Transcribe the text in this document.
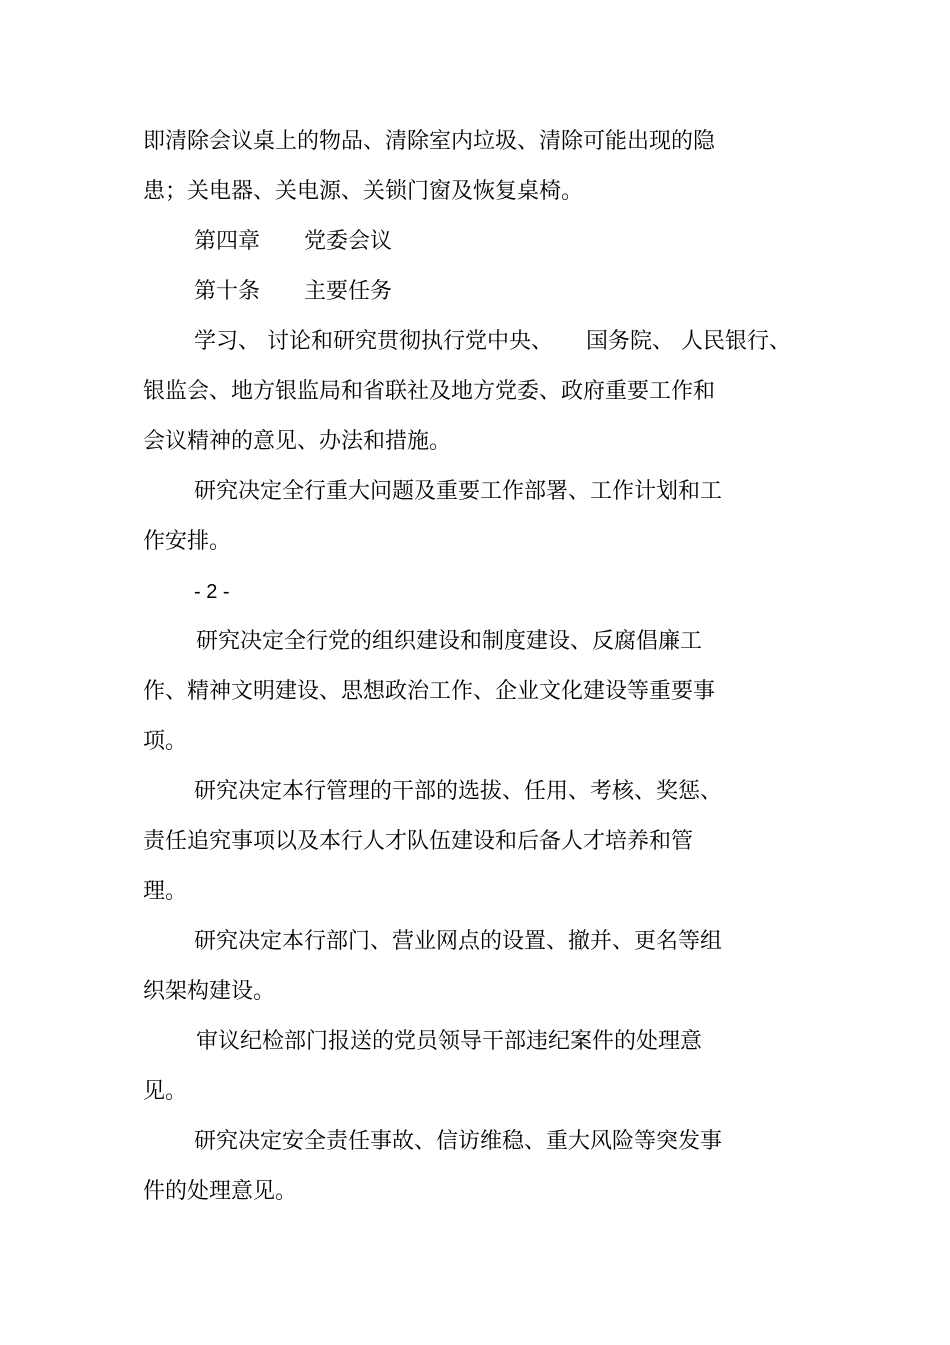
即清除会议桌上的物品、清除室内垃圾、清除可能出现的隐
患；关电器、关电源、关锁门窗及恢复桌椅。
第四章　　党委会议
第十条　　主要任务
学习、 讨论和研究贯彻执行党中央、　　国务院、 人民银行、
银监会、地方银监局和省联社及地方党委、政府重要工作和
会议精神的意见、办法和措施。
研究决定全行重大问题及重要工作部署、工作计划和工
作安排。
- 2 -
研究决定全行党的组织建设和制度建设、反腐倡廉工
作、精神文明建设、思想政治工作、企业文化建设等重要事
项。
研究决定本行管理的干部的选拔、任用、考核、奖惩、
责任追究事项以及本行人才队伍建设和后备人才培养和管
理。
研究决定本行部门、营业网点的设置、撤并、更名等组
织架构建设。
审议纪检部门报送的党员领导干部违纪案件的处理意
见。
研究决定安全责任事故、信访维稳、重大风险等突发事
件的处理意见。
